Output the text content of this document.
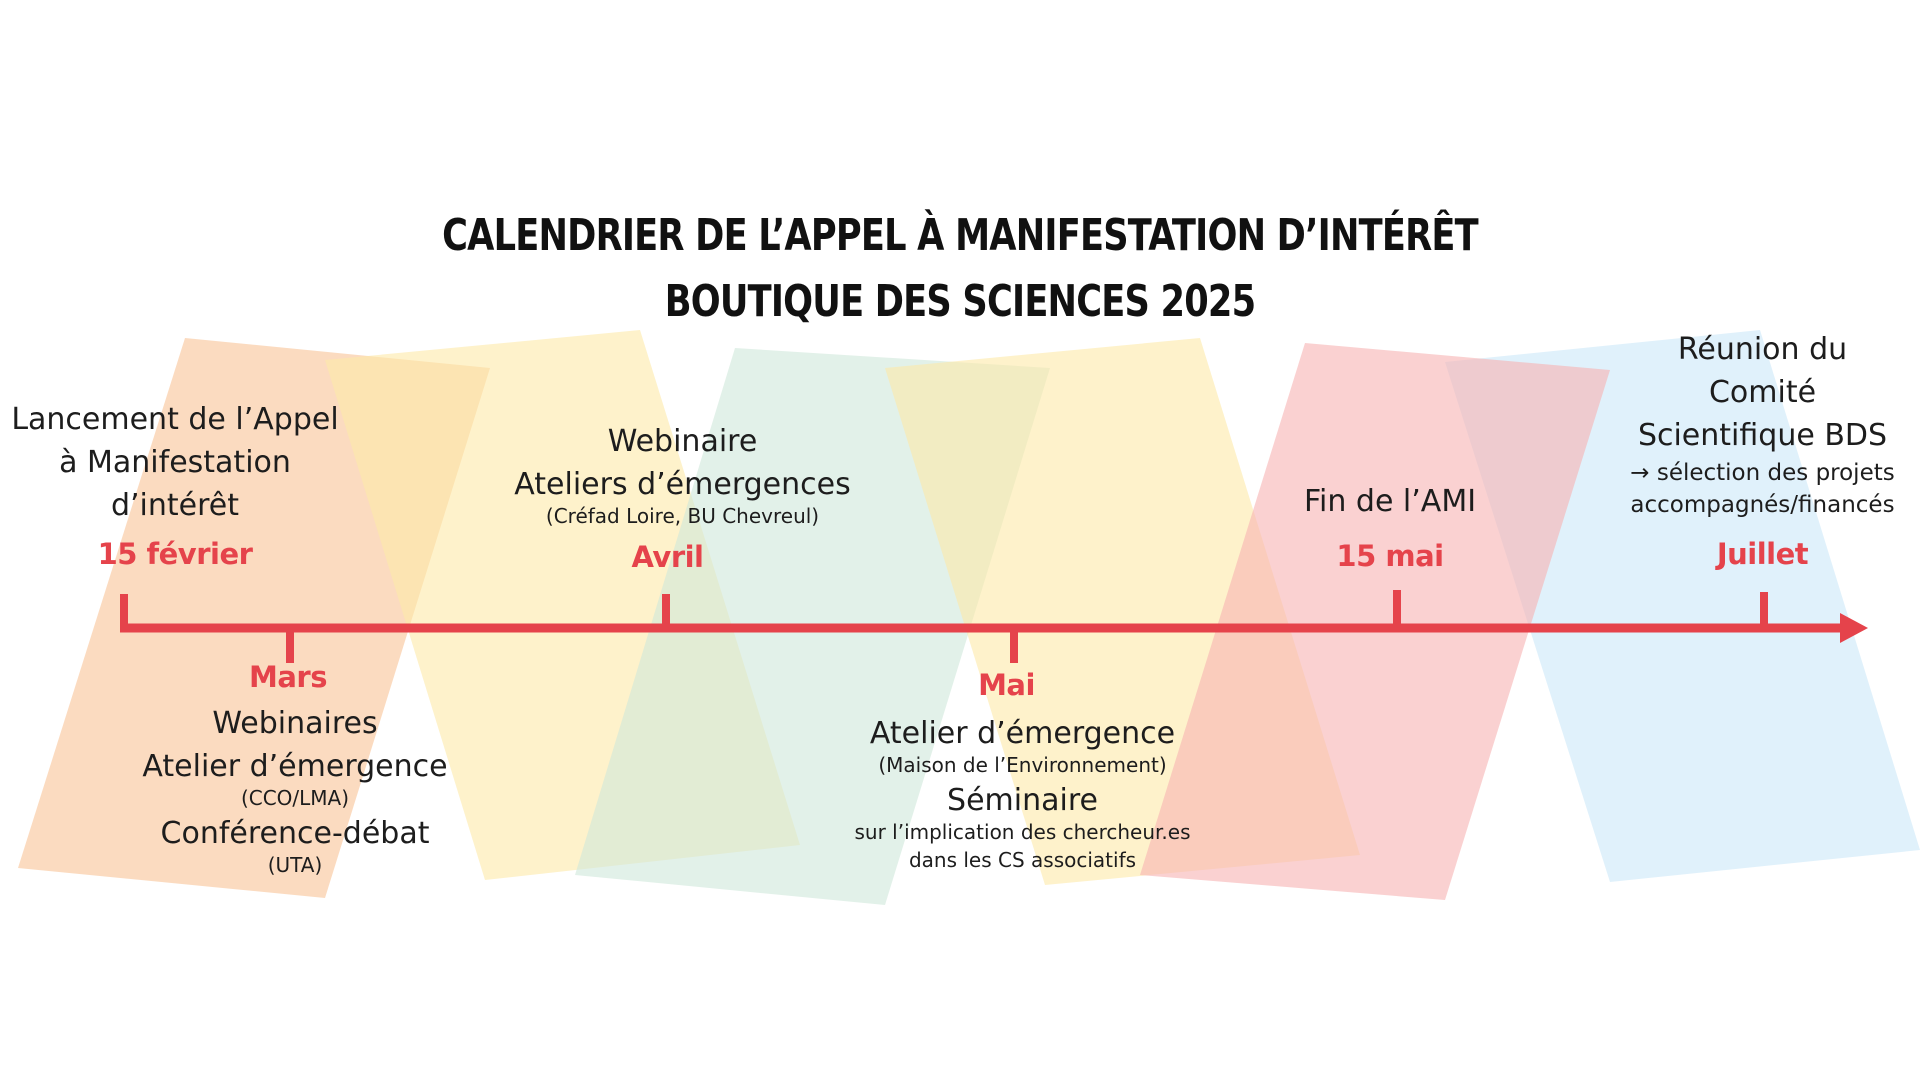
CALENDRIER DE L’APPEL À MANIFESTATION D’INTÉRÊT
BOUTIQUE DES SCIENCES 2025
Lancement de l’Appel
à Manifestation
d’intérêt
15 février
Mars
Webinaires
Atelier d’émergence
(CCO/LMA)
Conférence-débat
(UTA)
Webinaire
Ateliers d’émergences
(Créfad Loire, BU Chevreul)
Avril
Mai
Atelier d’émergence
(Maison de l’Environnement)
Séminaire
sur l’implication des chercheur.es
dans les CS associatifs
Fin de l’AMI
15 mai
Réunion du
Comité
Scientifique BDS
→ sélection des projets
accompagnés/financés
Juillet
